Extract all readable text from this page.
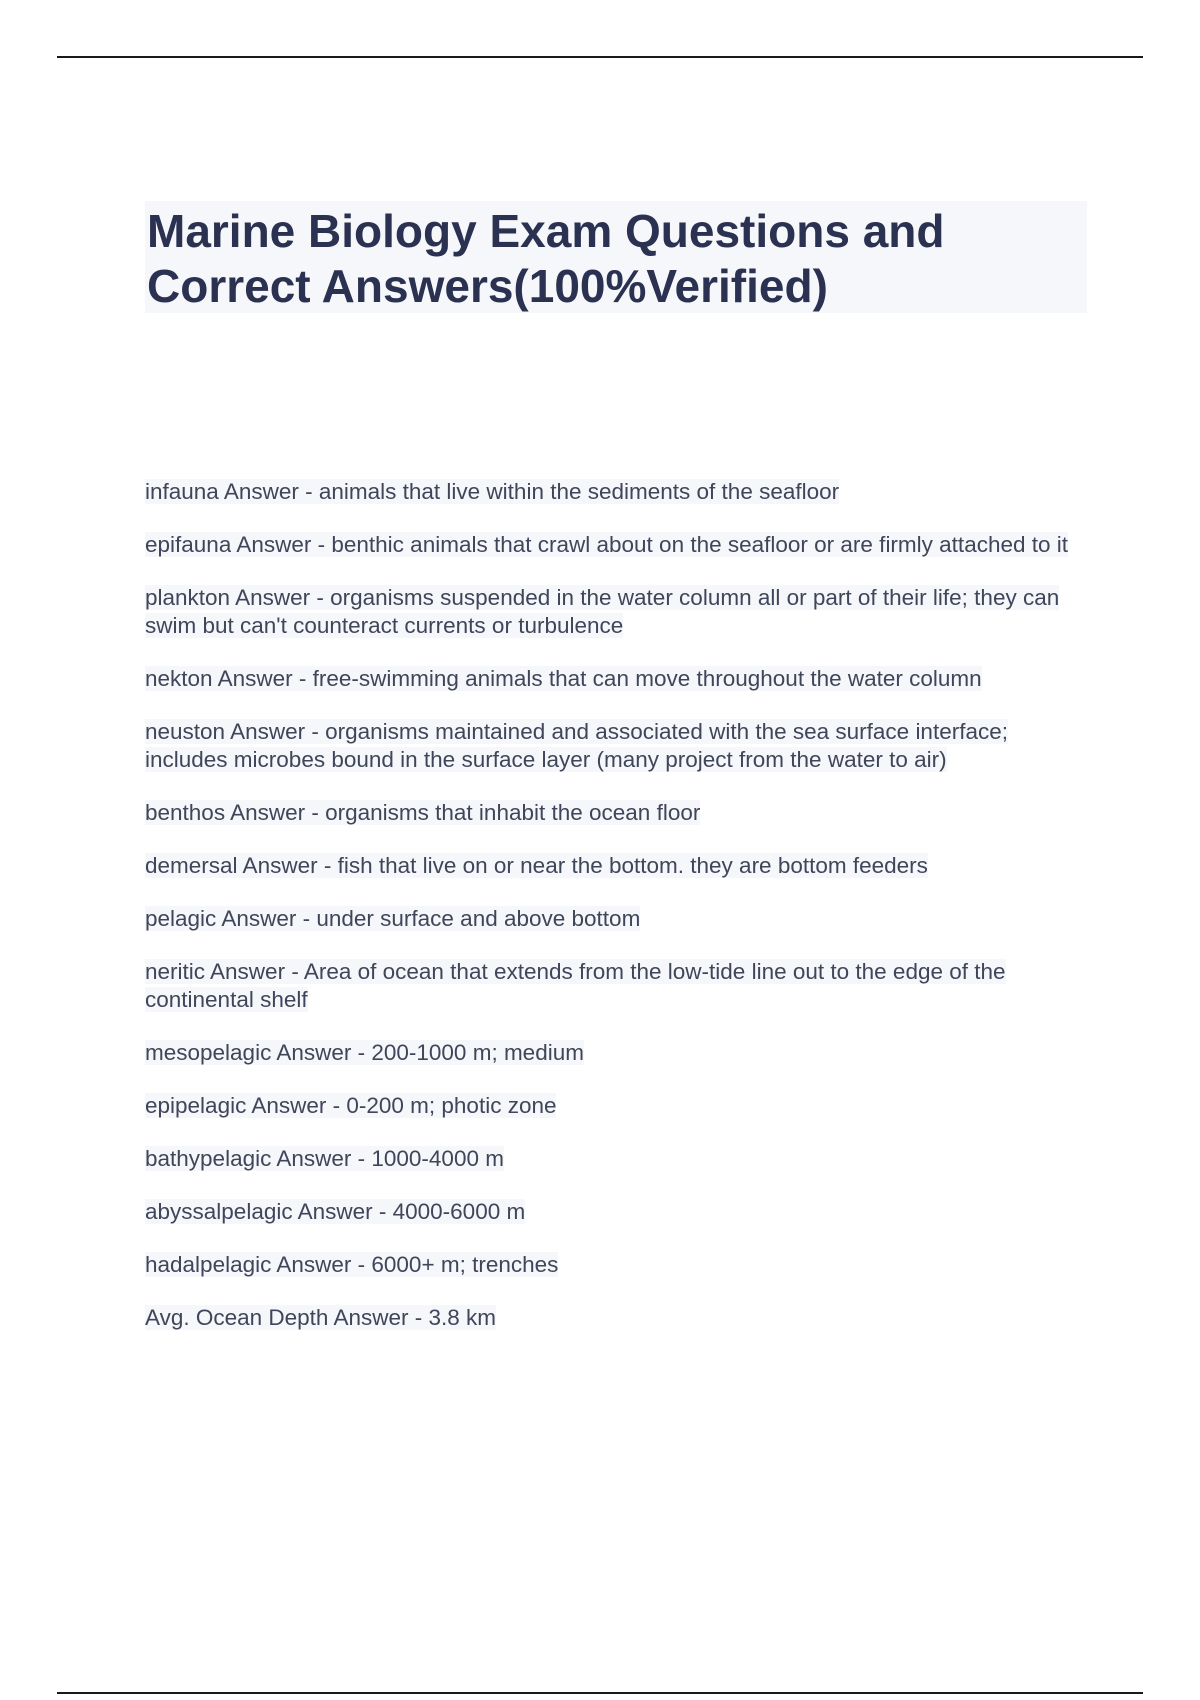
Marine Biology Exam Questions and
Correct Answers(100%Verified)

infauna Answer - animals that live within the sediments of the seafloor

epifauna Answer - benthic animals that crawl about on the seafloor or are firmly attached to it

plankton Answer - organisms suspended in the water column all or part of their life; they can swim but can't counteract currents or turbulence

nekton Answer - free-swimming animals that can move throughout the water column

neuston Answer - organisms maintained and associated with the sea surface interface; includes microbes bound in the surface layer (many project from the water to air)

benthos Answer - organisms that inhabit the ocean floor

demersal Answer - fish that live on or near the bottom. they are bottom feeders

pelagic Answer - under surface and above bottom

neritic Answer - Area of ocean that extends from the low-tide line out to the edge of the continental shelf

mesopelagic Answer - 200-1000 m; medium

epipelagic Answer - 0-200 m; photic zone

bathypelagic Answer - 1000-4000 m

abyssalpelagic Answer - 4000-6000 m

hadalpelagic Answer - 6000+ m; trenches

Avg. Ocean Depth Answer - 3.8 km
